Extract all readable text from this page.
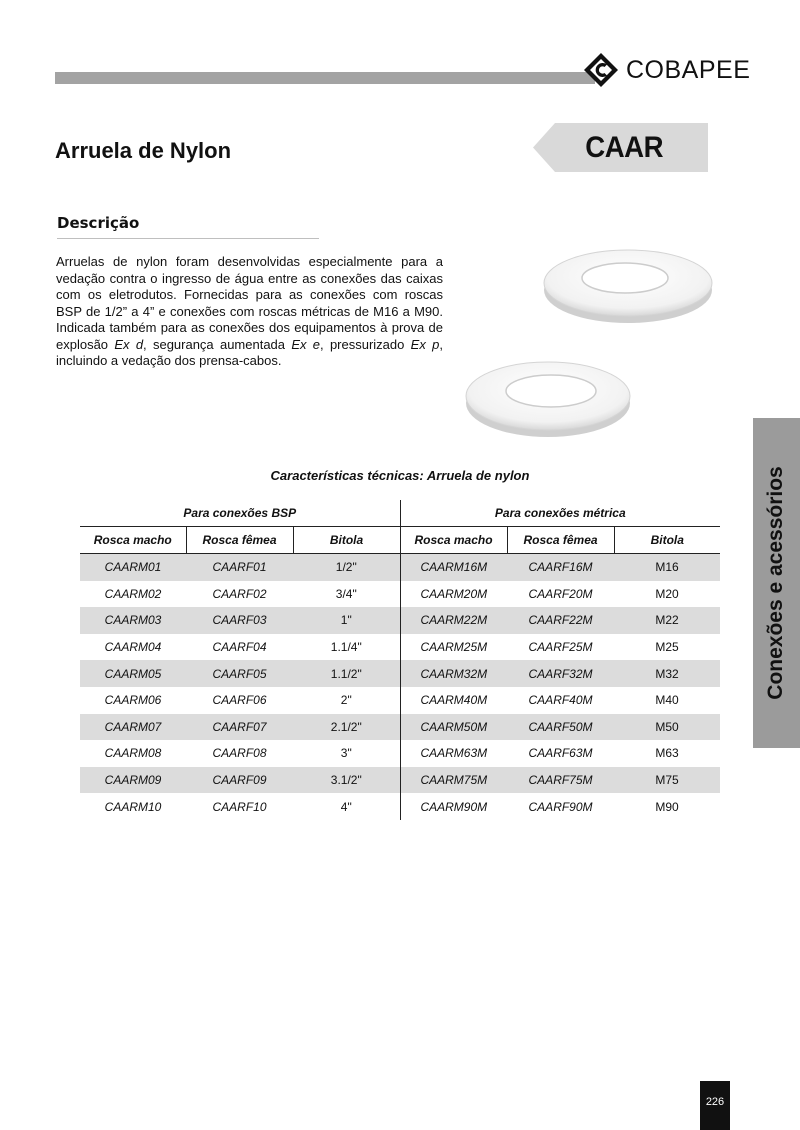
COBAPEE
Arruela de Nylon	CAAR
Descrição

Arruelas de nylon foram desenvolvidas especialmente para a vedação contra o ingresso de água entre as conexões das caixas com os eletrodutos. Fornecidas para as conexões com roscas BSP de 1/2” a 4” e conexões com roscas métricas de M16 a M90. Indicada também para as conexões dos equipamentos à prova de explosão Ex d, segurança aumentada Ex e, pressurizado Ex p, incluindo a vedação dos prensa-cabos.

Características técnicas: Arruela de nylon
Para conexões BSP			Para conexões métrica		
Rosca macho	Rosca fêmea	Bitola	Rosca macho	Rosca fêmea	Bitola
CAARM01	CAARF01	1/2"	CAARM16M	CAARF16M	M16
CAARM02	CAARF02	3/4"	CAARM20M	CAARF20M	M20
CAARM03	CAARF03	1"	CAARM22M	CAARF22M	M22
CAARM04	CAARF04	1.1/4"	CAARM25M	CAARF25M	M25
CAARM05	CAARF05	1.1/2"	CAARM32M	CAARF32M	M32
CAARM06	CAARF06	2"	CAARM40M	CAARF40M	M40
CAARM07	CAARF07	2.1/2"	CAARM50M	CAARF50M	M50
CAARM08	CAARF08	3"	CAARM63M	CAARF63M	M63
CAARM09	CAARF09	3.1/2"	CAARM75M	CAARF75M	M75
CAARM10	CAARF10	4"	CAARM90M	CAARF90M	M90
Conexões e acessórios
226
